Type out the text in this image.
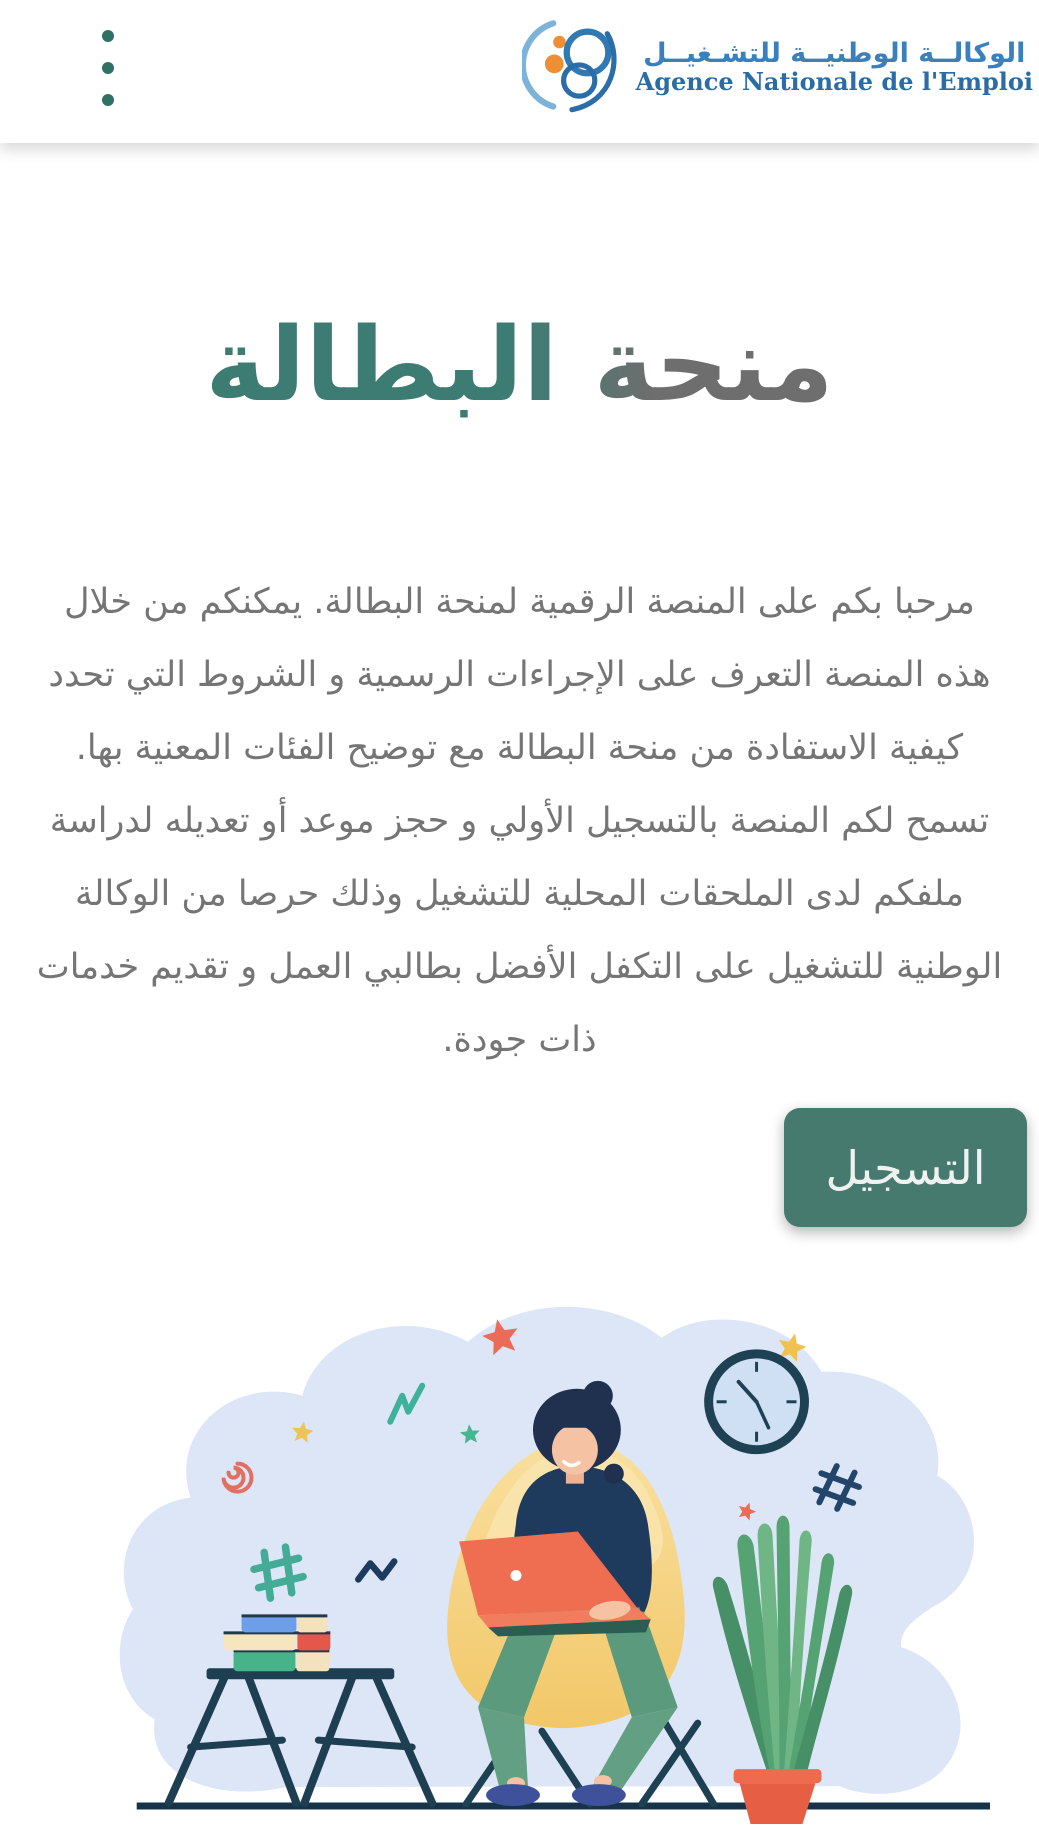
الوكالــة الوطنيــة للتشـغيــل
Agence Nationale de l'Emploi
منحة البطالة

مرحبا بكم على المنصة الرقمية لمنحة البطالة. يمكنكم من خلال هذه المنصة التعرف على الإجراءات الرسمية و الشروط التي تحدد كيفية الاستفادة من منحة البطالة مع توضيح الفئات المعنية بها. تسمح لكم المنصة بالتسجيل الأولي و حجز موعد أو تعديله لدراسة ملفكم لدى الملحقات المحلية للتشغيل وذلك حرصا من الوكالة الوطنية للتشغيل على التكفل الأفضل بطالبي العمل و تقديم خدمات ذات جودة.

التسجيل
